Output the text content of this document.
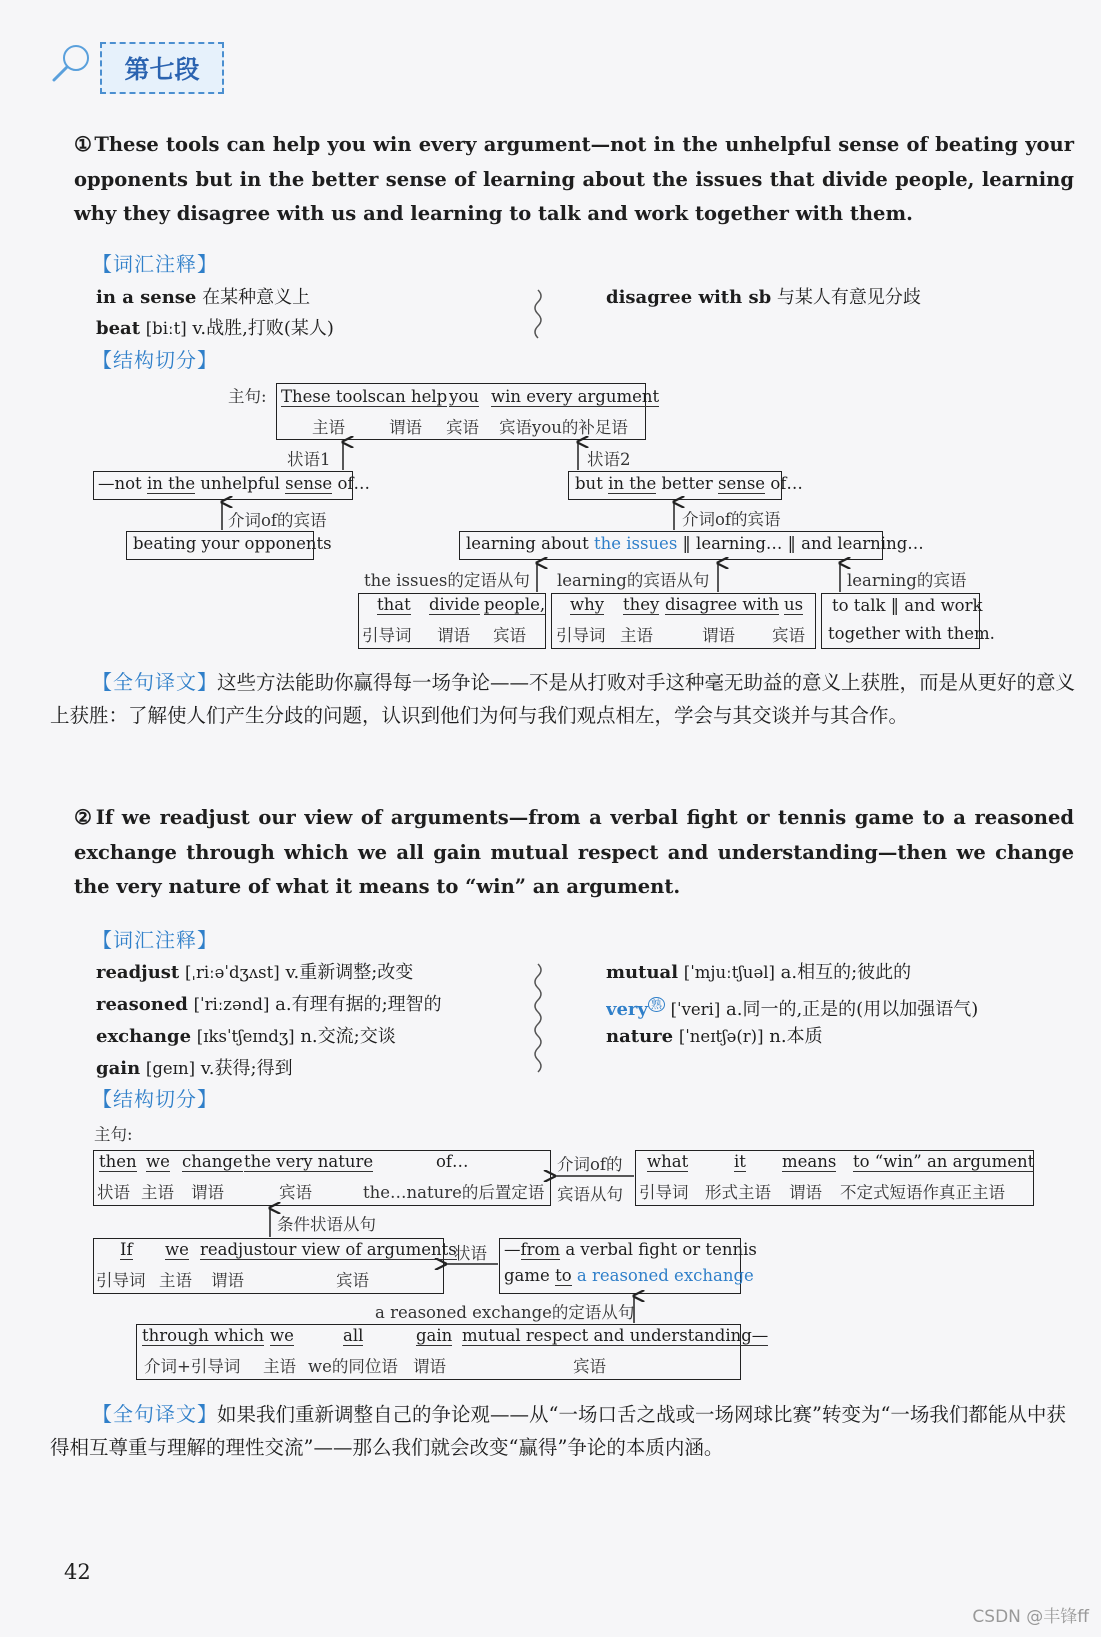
第七段
① These tools can help you win every argument—not in the unhelpful sense of beating your opponents but in the better sense of learning about the issues that divide people, learning why they disagree with us and learning to talk and work together with them.
【词汇注释】
in a sense 在某种意义上
beat [biːt] v.战胜,打败(某人)
disagree with sb 与某人有意见分歧
【结构切分】
主句: These tools can help you win every argument
主语	谓语 宾语 宾语you的补足语
状语1	状语2
—not in the unhelpful sense of…	but in the better sense of…
介词of的宾语	介词of的宾语
beating your opponents	learning about the issues ‖ learning… ‖ and learning…
the issues的定语从句 learning的宾语从句	learning的宾语
that divide people,
引导词 谓语 宾语
why they disagree with us
引导词 主语	谓语 宾语
to talk ‖ and work
together with them.
【全句译文】 这些方法能助你赢得每一场争论——不是从打败对手这种毫无助益的意义上获胜，而是从更好的意义上获胜：了解使人们产生分歧的问题，认识到他们为何与我们观点相左，学会与其交谈并与其合作。
② If we readjust our view of arguments—from a verbal fight or tennis game to a reasoned exchange through which we all gain mutual respect and understanding—then we change the very nature of what it means to “win” an argument.
【词汇注释】
readjust [ˌriːəˈdʒʌst] v.重新调整;改变
reasoned [ˈriːzənd] a.有理有据的;理智的
exchange [ɪksˈtʃeɪndʒ] n.交流;交谈
gain [geɪn] v.获得;得到
mutual [ˈmjuːtʃuəl] a.相互的;彼此的
very $^熟$ [ˈveri] a.同一的,正是的(用以加强语气)
nature [ˈneɪtʃə(r)] n.本质
【结构切分】
主句:
then we change the very nature	of…
状语 主语 谓语	宾语	the…nature的后置定语
介词of的
宾语从句
what	it means to “win” an argument
引导词 形式主语 谓语 不定式短语作真正主语
条件状语从句
If we readjust our view of arguments
引导词 主语 谓语	宾语
状语 —from a verbal fight or tennis
game to a reasoned exchange
a reasoned exchange的定语从句
through which we	all	gain mutual respect and understanding—
介词+引导词 主语 we的同位语 谓语	宾语
【全句译文】 如果我们重新调整自己的争论观——从“一场口舌之战或一场网球比赛”转变为“一场我们都能从中获得相互尊重与理解的理性交流”——那么我们就会改变“赢得”争论的本质内涵。
42
CSDN @丰锋ff
